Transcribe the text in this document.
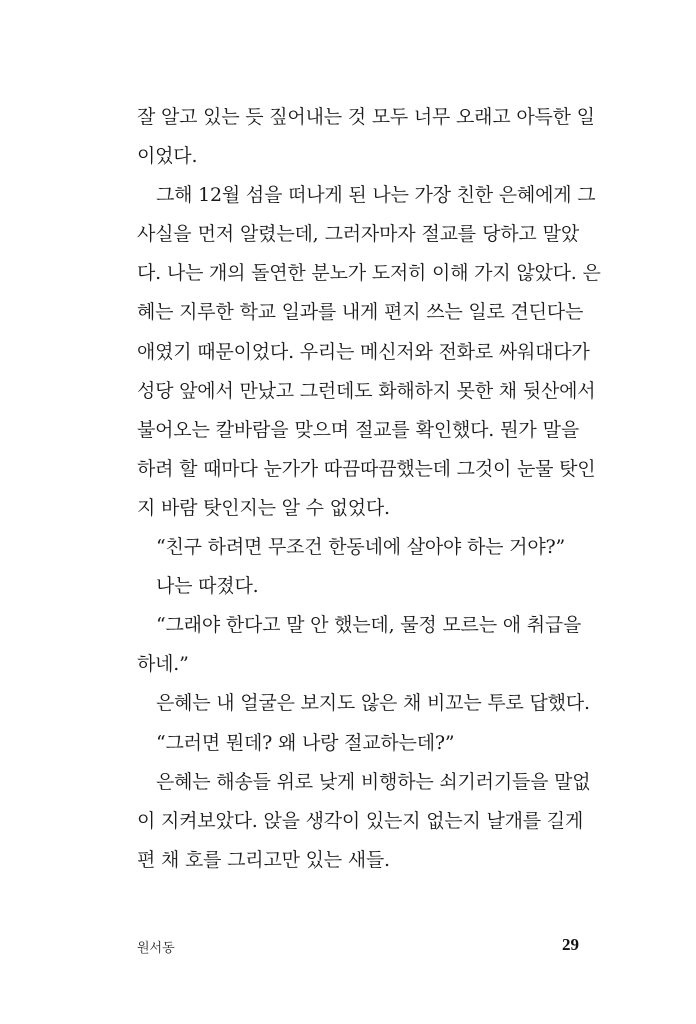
잘 알고 있는 듯 짚어내는 것 모두 너무 오래고 아득한 일
이었다.
그해 12월 섬을 떠나게 된 나는 가장 친한 은혜에게 그
사실을 먼저 알렸는데, 그러자마자 절교를 당하고 말았
다. 나는 개의 돌연한 분노가 도저히 이해 가지 않았다. 은
혜는 지루한 학교 일과를 내게 편지 쓰는 일로 견딘다는
애였기 때문이었다. 우리는 메신저와 전화로 싸워대다가
성당 앞에서 만났고 그런데도 화해하지 못한 채 뒷산에서
불어오는 칼바람을 맞으며 절교를 확인했다. 뭔가 말을
하려 할 때마다 눈가가 따끔따끔했는데 그것이 눈물 탓인
지 바람 탓인지는 알 수 없었다.
“친구 하려면 무조건 한동네에 살아야 하는 거야?”
나는 따졌다.
“그래야 한다고 말 안 했는데, 물정 모르는 애 취급을
하네.”
은혜는 내 얼굴은 보지도 않은 채 비꼬는 투로 답했다.
“그러면 뭔데? 왜 나랑 절교하는데?”
은혜는 해송들 위로 낮게 비행하는 쇠기러기들을 말없
이 지켜보았다. 앉을 생각이 있는지 없는지 날개를 길게
편 채 호를 그리고만 있는 새들.
원서동	29
